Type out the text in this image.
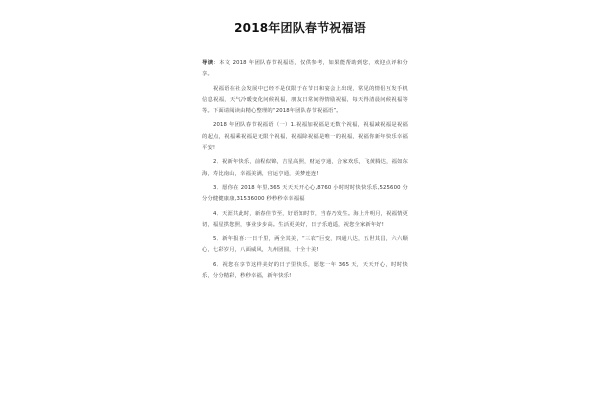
2018年团队春节祝福语

导读：本文 2018 年团队春节祝福语，仅供参考，如果能帮助到您，欢迎点评和分享。

祝福语在社会发展中已经不是仅限于在节日和宴会上出现，常见的情侣互发手机信息祝福，天气冷暖变化问候祝福，朋友日常间得情励祝福，每天得清晨问候祝福等等。下面请阅读由精心整理的“2018年团队春节祝福语”。

2018 年团队春节祝福语（一）1.祝福加祝福是无数个祝福，祝福减祝福是祝福的起点，祝福乘祝福是无限个祝福，祝福除祝福是唯一的祝福，祝福你新年快乐幸福平安!

2．祝新年快乐，前程似锦，吉星高照，财运亨通，合家欢乐，飞黄腾达，福如东海，寿比南山，幸福美满，官运亨通，美梦连连!

3．愿你在 2018 年里,365 天天天开心心,8760 小时时时快快乐乐,525600 分分分健健康康,31536000 秒秒秒幸幸福福

4．天涯共此时，新春佳节至，好语知时节，当春乃发生。海上升明月，祝福情更切，福星拱您照，事业步步高。生活更美好，日子乐逍遥，祝您全家新年好!

5．新年报喜:一日千里，两全其美，“三农”巨变，四通八达，五世其昌，六六顺心，七彩岁月，八面威风，九州团圆，十全十美!

6．祝您在享节这样美好的日子里快乐，愿您一年 365 天，天天开心，时时快乐，分分精彩，秒秒幸福，新年快乐!
